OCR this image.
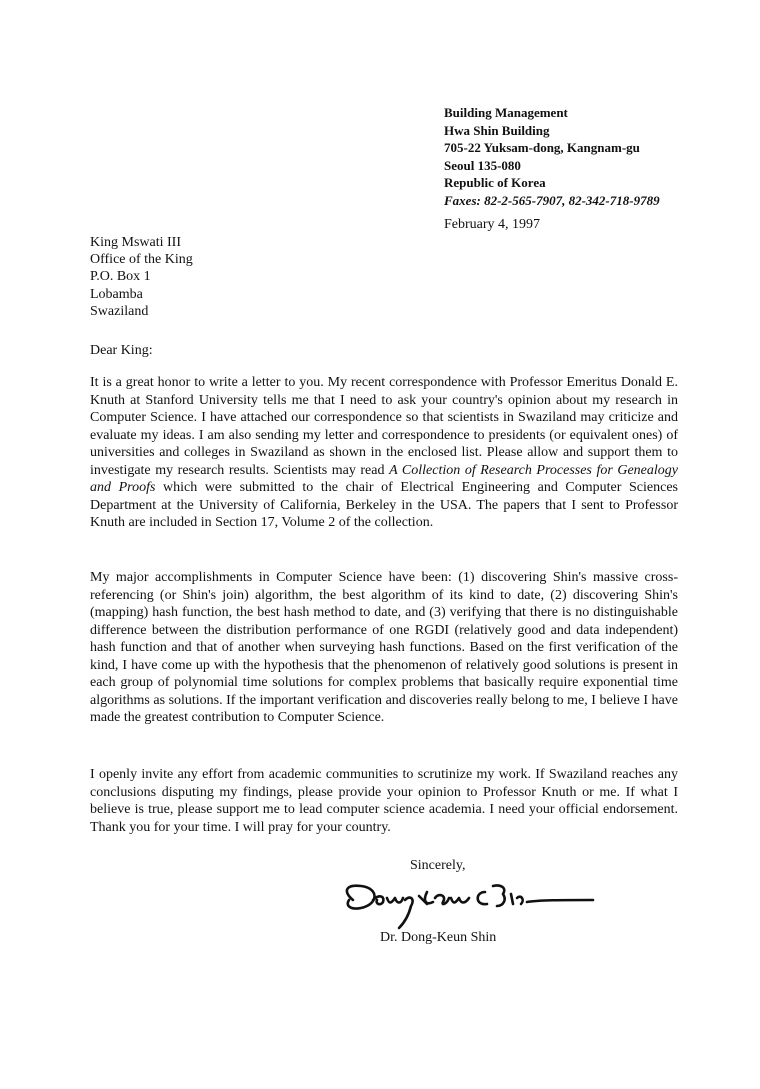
Building Management
Hwa Shin Building
705-22 Yuksam-dong, Kangnam-gu
Seoul 135-080
Republic of Korea
Faxes: 82-2-565-7907, 82-342-718-9789
February 4, 1997
King Mswati III
Office of the King
P.O. Box 1
Lobamba
Swaziland
Dear King:

It is a great honor to write a letter to you. My recent correspondence with Professor Emeritus Donald E. Knuth at Stanford University tells me that I need to ask your country's opinion about my research in Computer Science. I have attached our correspondence so that scientists in Swaziland may criticize and evaluate my ideas. I am also sending my letter and correspondence to presidents (or equivalent ones) of universities and colleges in Swaziland as shown in the enclosed list. Please allow and support them to investigate my research results. Scientists may read A Collection of Research Processes for Genealogy and Proofs which were submitted to the chair of Electrical Engineering and Computer Sciences Department at the University of California, Berkeley in the USA. The papers that I sent to Professor Knuth are included in Section 17, Volume 2 of the collection.

My major accomplishments in Computer Science have been: (1) discovering Shin's massive cross-referencing (or Shin's join) algorithm, the best algorithm of its kind to date, (2) discovering Shin's (mapping) hash function, the best hash method to date, and (3) verifying that there is no distinguishable difference between the distribution performance of one RGDI (relatively good and data independent) hash function and that of another when surveying hash functions. Based on the first verification of the kind, I have come up with the hypothesis that the phenomenon of relatively good solutions is present in each group of polynomial time solutions for complex problems that basically require exponential time algorithms as solutions. If the important verification and discoveries really belong to me, I believe I have made the greatest contribution to Computer Science.

I openly invite any effort from academic communities to scrutinize my work. If Swaziland reaches any conclusions disputing my findings, please provide your opinion to Professor Knuth or me. If what I believe is true, please support me to lead computer science academia. I need your official endorsement. Thank you for your time. I will pray for your country.

Sincerely,
Dr. Dong-Keun Shin
